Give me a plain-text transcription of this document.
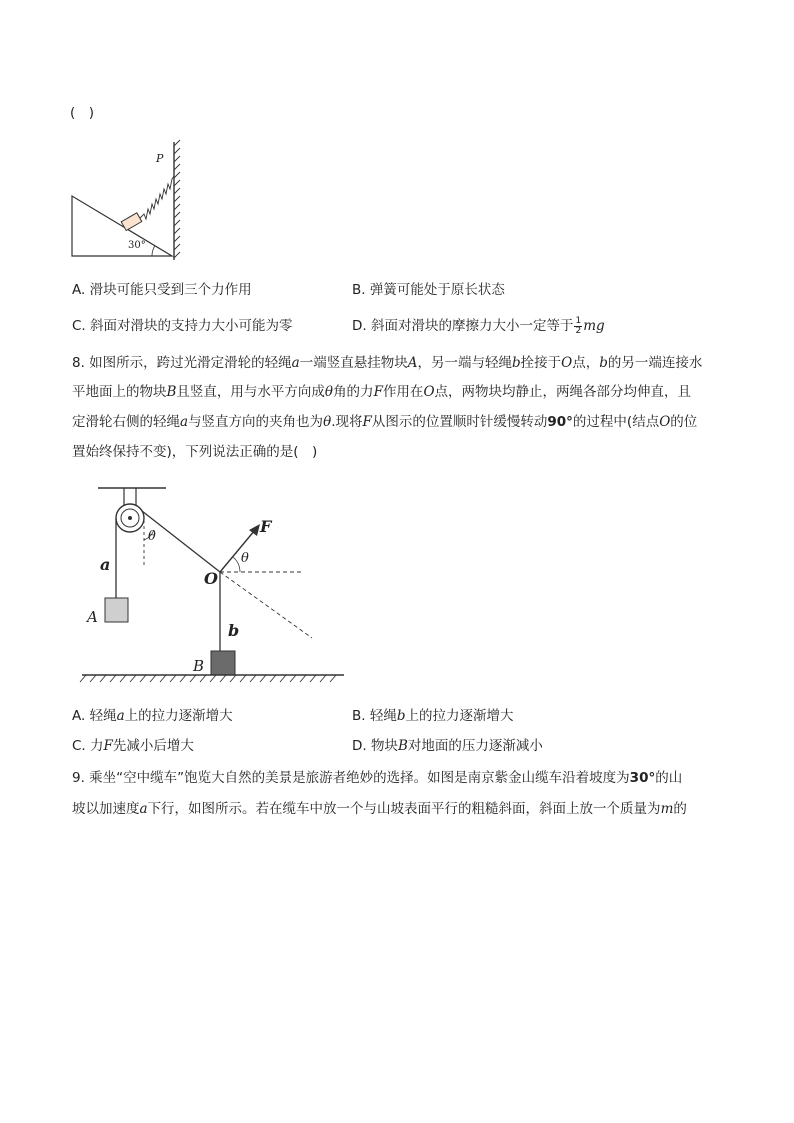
(　)
P
30°
A. 滑块可能只受到三个力作用	B. 弹簧可能处于原长状态
C. 斜面对滑块的支持力大小可能为零	D. 斜面对滑块的摩擦力大小一定等于 $\frac{1}{2}$ mg
8. 如图所示，跨过光滑定滑轮的轻绳a一端竖直悬挂物块A，另一端与轻绳b拴接于O点，b的另一端连接水
平地面上的物块B且竖直，用与水平方向成θ角的力F作用在O点，两物块均静止，两绳各部分均伸直，且
定滑轮右侧的轻绳a与竖直方向的夹角也为θ.现将F从图示的位置顺时针缓慢转动90°的过程中(结点O的位
置始终保持不变)，下列说法正确的是(　)
F
θ
θ
a
O
b
A
B
A. 轻绳a上的拉力逐渐增大	B. 轻绳b上的拉力逐渐增大
C. 力F先减小后增大	D. 物块B对地面的压力逐渐减小
9. 乘坐“空中缆车”饱览大自然的美景是旅游者绝妙的选择。如图是南京紫金山缆车沿着坡度为30°的山
坡以加速度a下行，如图所示。若在缆车中放一个与山坡表面平行的粗糙斜面，斜面上放一个质量为m的
